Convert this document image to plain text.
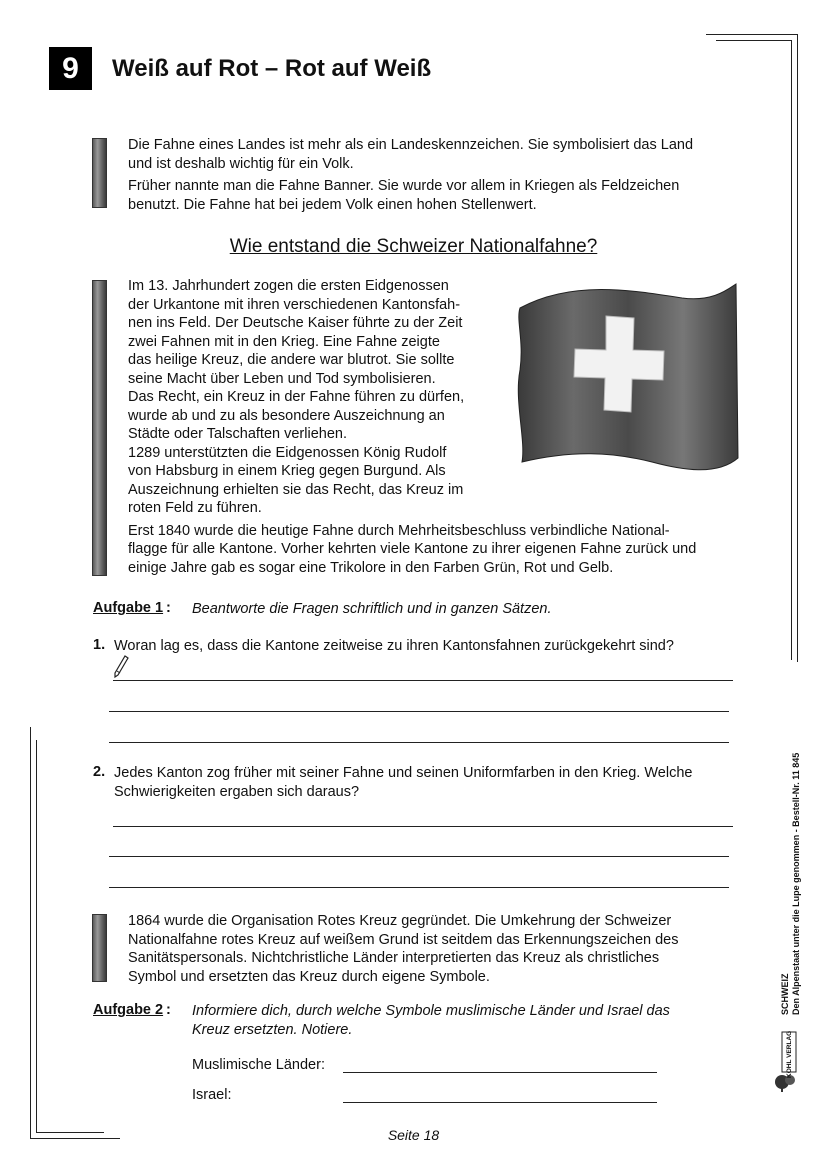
9	Weiß auf Rot – Rot auf Weiß
Die Fahne eines Landes ist mehr als ein Landeskennzeichen. Sie symbolisiert das Land
und ist deshalb wichtig für ein Volk.
Früher nannte man die Fahne Banner. Sie wurde vor allem in Kriegen als Feldzeichen
benutzt. Die Fahne hat bei jedem Volk einen hohen Stellenwert.
Wie entstand die Schweizer Nationalfahne?
Im 13. Jahrhundert zogen die ersten Eidgenossen
der Urkantone mit ihren verschiedenen Kantonsfah-
nen ins Feld. Der Deutsche Kaiser führte zu der Zeit
zwei Fahnen mit in den Krieg. Eine Fahne zeigte
das heilige Kreuz, die andere war blutrot. Sie sollte
seine Macht über Leben und Tod symbolisieren.
Das Recht, ein Kreuz in der Fahne führen zu dürfen,
wurde ab und zu als besondere Auszeichnung an
Städte oder Talschaften verliehen.
1289 unterstützten die Eidgenossen König Rudolf
von Habsburg in einem Krieg gegen Burgund. Als
Auszeichnung erhielten sie das Recht, das Kreuz im
roten Feld zu führen.
Erst 1840 wurde die heutige Fahne durch Mehrheitsbeschluss verbindliche National-
flagge für alle Kantone. Vorher kehrten viele Kantone zu ihrer eigenen Fahne zurück und
einige Jahre gab es sogar eine Trikolore in den Farben Grün, Rot und Gelb.
Aufgabe 1 : Beantworte die Fragen schriftlich und in ganzen Sätzen.
1. Woran lag es, dass die Kantone zeitweise zu ihren Kantonsfahnen zurückgekehrt sind?
2. Jedes Kanton zog früher mit seiner Fahne und seinen Uniformfarben in den Krieg. Welche
Schwierigkeiten ergaben sich daraus?
1864 wurde die Organisation Rotes Kreuz gegründet. Die Umkehrung der Schweizer
Nationalfahne rotes Kreuz auf weißem Grund ist seitdem das Erkennungszeichen des
Sanitätspersonals. Nichtchristliche Länder interpretierten das Kreuz als christliches
Symbol und ersetzten das Kreuz durch eigene Symbole.
Aufgabe 2 : Informiere dich, durch welche Symbole muslimische Länder und Israel das
Kreuz ersetzten. Notiere.
Muslimische Länder:
Israel:
Seite 18
SCHWEIZ Den Alpenstaat unter die Lupe genommen - Bestell-Nr. 11 845
KOHL VERLAG
